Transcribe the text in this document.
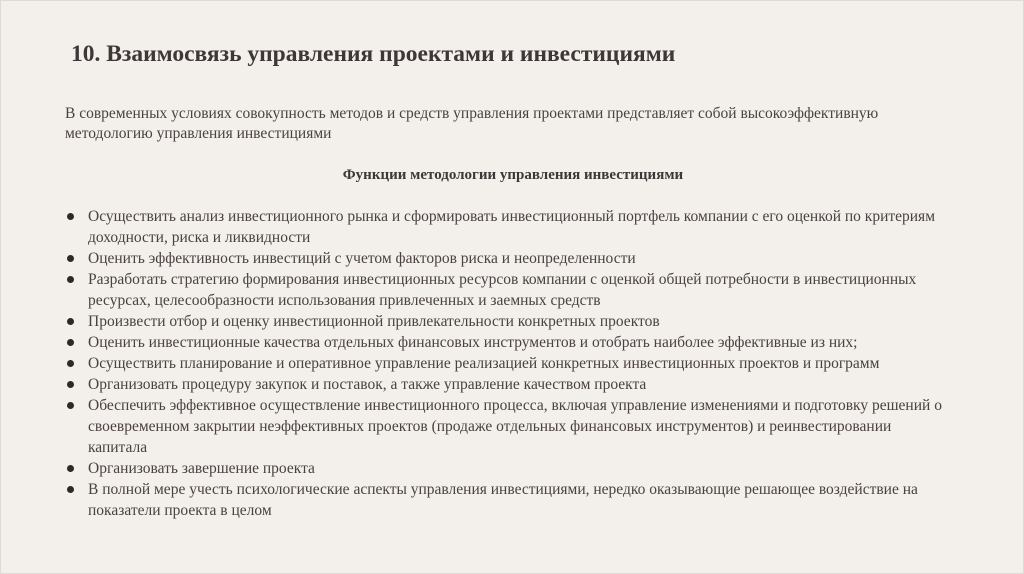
10. Взаимосвязь управления проектами и инвестициями

В современных условиях совокупность методов и средств управления проектами представляет собой высокоэффективную методологию управления инвестициями

Функции методологии управления инвестициями
Осуществить анализ инвестиционного рынка и сформировать инвестиционный портфель компании с его оценкой по критериям доходности, риска и ликвидности
Оценить эффективность инвестиций с учетом факторов риска и неопределенности
Разработать стратегию формирования инвестиционных ресурсов компании с оценкой общей потребности в инвестиционных ресурсах, целесообразности использования привлеченных и заемных средств
Произвести отбор и оценку инвестиционной привлекательности конкретных проектов
Оценить инвестиционные качества отдельных финансовых инструментов и отобрать наиболее эффективные из них;
Осуществить планирование и оперативное управление реализацией конкретных инвестиционных проектов и программ
Организовать процедуру закупок и поставок, а также управление качеством проекта
Обеспечить эффективное осуществление инвестиционного процесса, включая управление изменениями и подготовку решений о своевременном закрытии неэффективных проектов (продаже отдельных финансовых инструментов) и реинвестировании капитала
Организовать завершение проекта
В полной мере учесть психологические аспекты управления инвестициями, нередко оказывающие решающее воздействие на показатели проекта в целом
